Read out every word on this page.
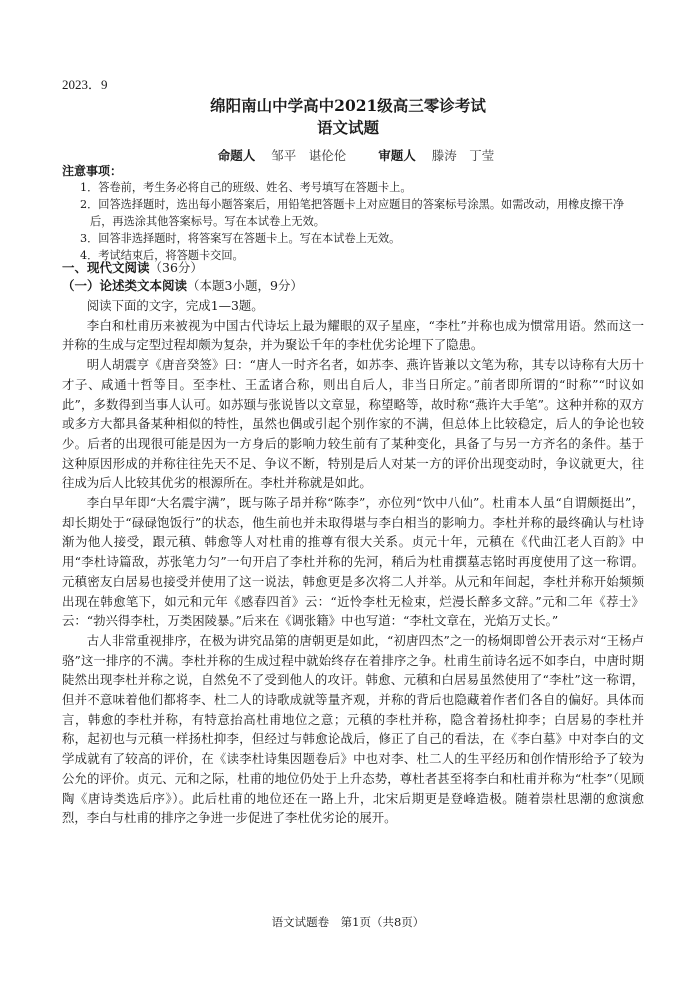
2023．9
绵阳南山中学高中2021级高三零诊考试
语文试题
命题人 邹平　谌伦伦	审题人 滕涛　丁莹
注意事项：
1．答卷前，考生务必将自己的班级、姓名、考号填写在答题卡上。
2．回答选择题时，选出每小题答案后，用铅笔把答题卡上对应题目的答案标号涂黑。如需改动，用橡皮擦干净后，再选涂其他答案标号。写在本试卷上无效。
3．回答非选择题时，将答案写在答题卡上。写在本试卷上无效。
4．考试结束后，将答题卡交回。
一、现代文阅读（36分）
（一）论述类文本阅读（本题3小题，9分）

阅读下面的文字，完成1—3题。

李白和杜甫历来被视为中国古代诗坛上最为耀眼的双子星座，“李杜”并称也成为惯常用语。然而这一并称的生成与定型过程却颇为复杂，并为聚讼千年的李杜优劣论埋下了隐患。

明人胡震亨《唐音癸签》曰：“唐人一时齐名者，如苏李、燕许皆兼以文笔为称，其专以诗称有大历十才子、咸通十哲等目。至李杜、王孟诸合称，则出自后人，非当日所定。”前者即所谓的“时称”“时议如此”，多数得到当事人认可。如苏颋与张说皆以文章显，称望略等，故时称“燕许大手笔”。这种并称的双方或多方大都具备某种相似的特性，虽然也偶或引起个别作家的不满，但总体上比较稳定，后人的争论也较少。后者的出现很可能是因为一方身后的影响力较生前有了某种变化，具备了与另一方齐名的条件。基于这种原因形成的并称往往先天不足、争议不断，特别是后人对某一方的评价出现变动时，争议就更大，往往成为后人比较其优劣的根源所在。李杜并称就是如此。

李白早年即“大名震宇满”，既与陈子昂并称“陈李”，亦位列“饮中八仙”。杜甫本人虽“自谓颇挺出”，却长期处于“碌碌饱饭行”的状态，他生前也并未取得堪与李白相当的影响力。李杜并称的最终确认与杜诗渐为他人接受，跟元稹、韩愈等人对杜甫的推尊有很大关系。贞元十年，元稹在《代曲江老人百韵》中用“李杜诗篇敌，苏张笔力匀”一句开启了李杜并称的先河，稍后为杜甫撰墓志铭时再度使用了这一称谓。元稹密友白居易也接受并使用了这一说法，韩愈更是多次将二人并举。从元和年间起，李杜并称开始频频出现在韩愈笔下，如元和元年《感春四首》云：“近怜李杜无检束，烂漫长醉多文辞。”元和二年《荐士》云：“勃兴得李杜，万类困陵暴。”后来在《调张籍》中也写道：“李杜文章在，光焰万丈长。”

古人非常重视排序，在极为讲究品第的唐朝更是如此，“初唐四杰”之一的杨炯即曾公开表示对“王杨卢骆”这一排序的不满。李杜并称的生成过程中就始终存在着排序之争。杜甫生前诗名远不如李白，中唐时期陡然出现李杜并称之说，自然免不了受到他人的攻讦。韩愈、元稹和白居易虽然使用了“李杜”这一称谓，但并不意味着他们都将李、杜二人的诗歌成就等量齐观，并称的背后也隐藏着作者们各自的偏好。具体而言，韩愈的李杜并称，有特意抬高杜甫地位之意；元稹的李杜并称，隐含着扬杜抑李；白居易的李杜并称，起初也与元稹一样扬杜抑李，但经过与韩愈论战后，修正了自己的看法，在《李白墓》中对李白的文学成就有了较高的评价，在《读李杜诗集因题卷后》中也对李、杜二人的生平经历和创作情形给予了较为公允的评价。贞元、元和之际，杜甫的地位仍处于上升态势，尊杜者甚至将李白和杜甫并称为“杜李”（见顾陶《唐诗类选后序》）。此后杜甫的地位还在一路上升，北宋后期更是登峰造极。随着崇杜思潮的愈演愈烈，李白与杜甫的排序之争进一步促进了李杜优劣论的展开。

语文试题卷　第1页（共8页）
